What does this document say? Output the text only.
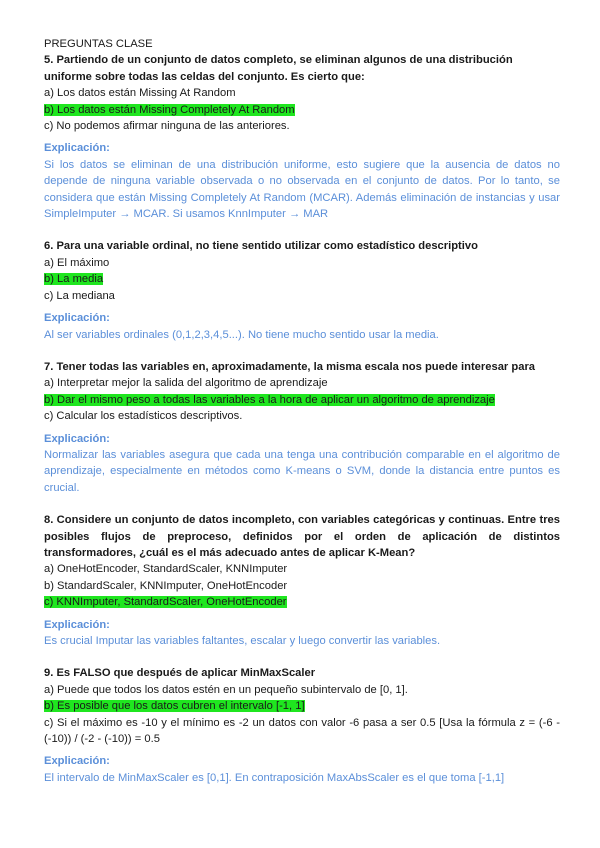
PREGUNTAS CLASE

5. Partiendo de un conjunto de datos completo, se eliminan algunos de una distribución uniforme sobre todas las celdas del conjunto. Es cierto que:

a) Los datos están Missing At Random

b) Los datos están Missing Completely At Random

c) No podemos afirmar ninguna de las anteriores.

Explicación:

Si los datos se eliminan de una distribución uniforme, esto sugiere que la ausencia de datos no depende de ninguna variable observada o no observada en el conjunto de datos. Por lo tanto, se considera que están Missing Completely At Random (MCAR). Además eliminación de instancias y usar SimpleImputer → MCAR. Si usamos KnnImputer → MAR

6. Para una variable ordinal, no tiene sentido utilizar como estadístico descriptivo

a) El máximo

b) La media

c) La mediana

Explicación:

Al ser variables ordinales (0,1,2,3,4,5...). No tiene mucho sentido usar la media.

7. Tener todas las variables en, aproximadamente, la misma escala nos puede interesar para

a) Interpretar mejor la salida del algoritmo de aprendizaje

b) Dar el mismo peso a todas las variables a la hora de aplicar un algoritmo de aprendizaje

c) Calcular los estadísticos descriptivos.

Explicación:

Normalizar las variables asegura que cada una tenga una contribución comparable en el algoritmo de aprendizaje, especialmente en métodos como K-means o SVM, donde la distancia entre puntos es crucial.

8. Considere un conjunto de datos incompleto, con variables categóricas y continuas. Entre tres posibles flujos de preproceso, definidos por el orden de aplicación de distintos transformadores, ¿cuál es el más adecuado antes de aplicar K-Mean?

a) OneHotEncoder, StandardScaler, KNNImputer

b) StandardScaler, KNNImputer, OneHotEncoder

c) KNNImputer, StandardScaler, OneHotEncoder

Explicación:

Es crucial Imputar las variables faltantes, escalar y luego convertir las variables.

9. Es FALSO que después de aplicar MinMaxScaler

a) Puede que todos los datos estén en un pequeño subintervalo de [0, 1].

b) Es posible que los datos cubren el intervalo [-1, 1]

c) Si el máximo es -10 y el mínimo es -2 un datos con valor -6 pasa a ser 0.5 [Usa la fórmula z = (-6 -(-10)) / (-2 - (-10)) = 0.5

Explicación:

El intervalo de MinMaxScaler es [0,1]. En contraposición MaxAbsScaler es el que toma [-1,1]
